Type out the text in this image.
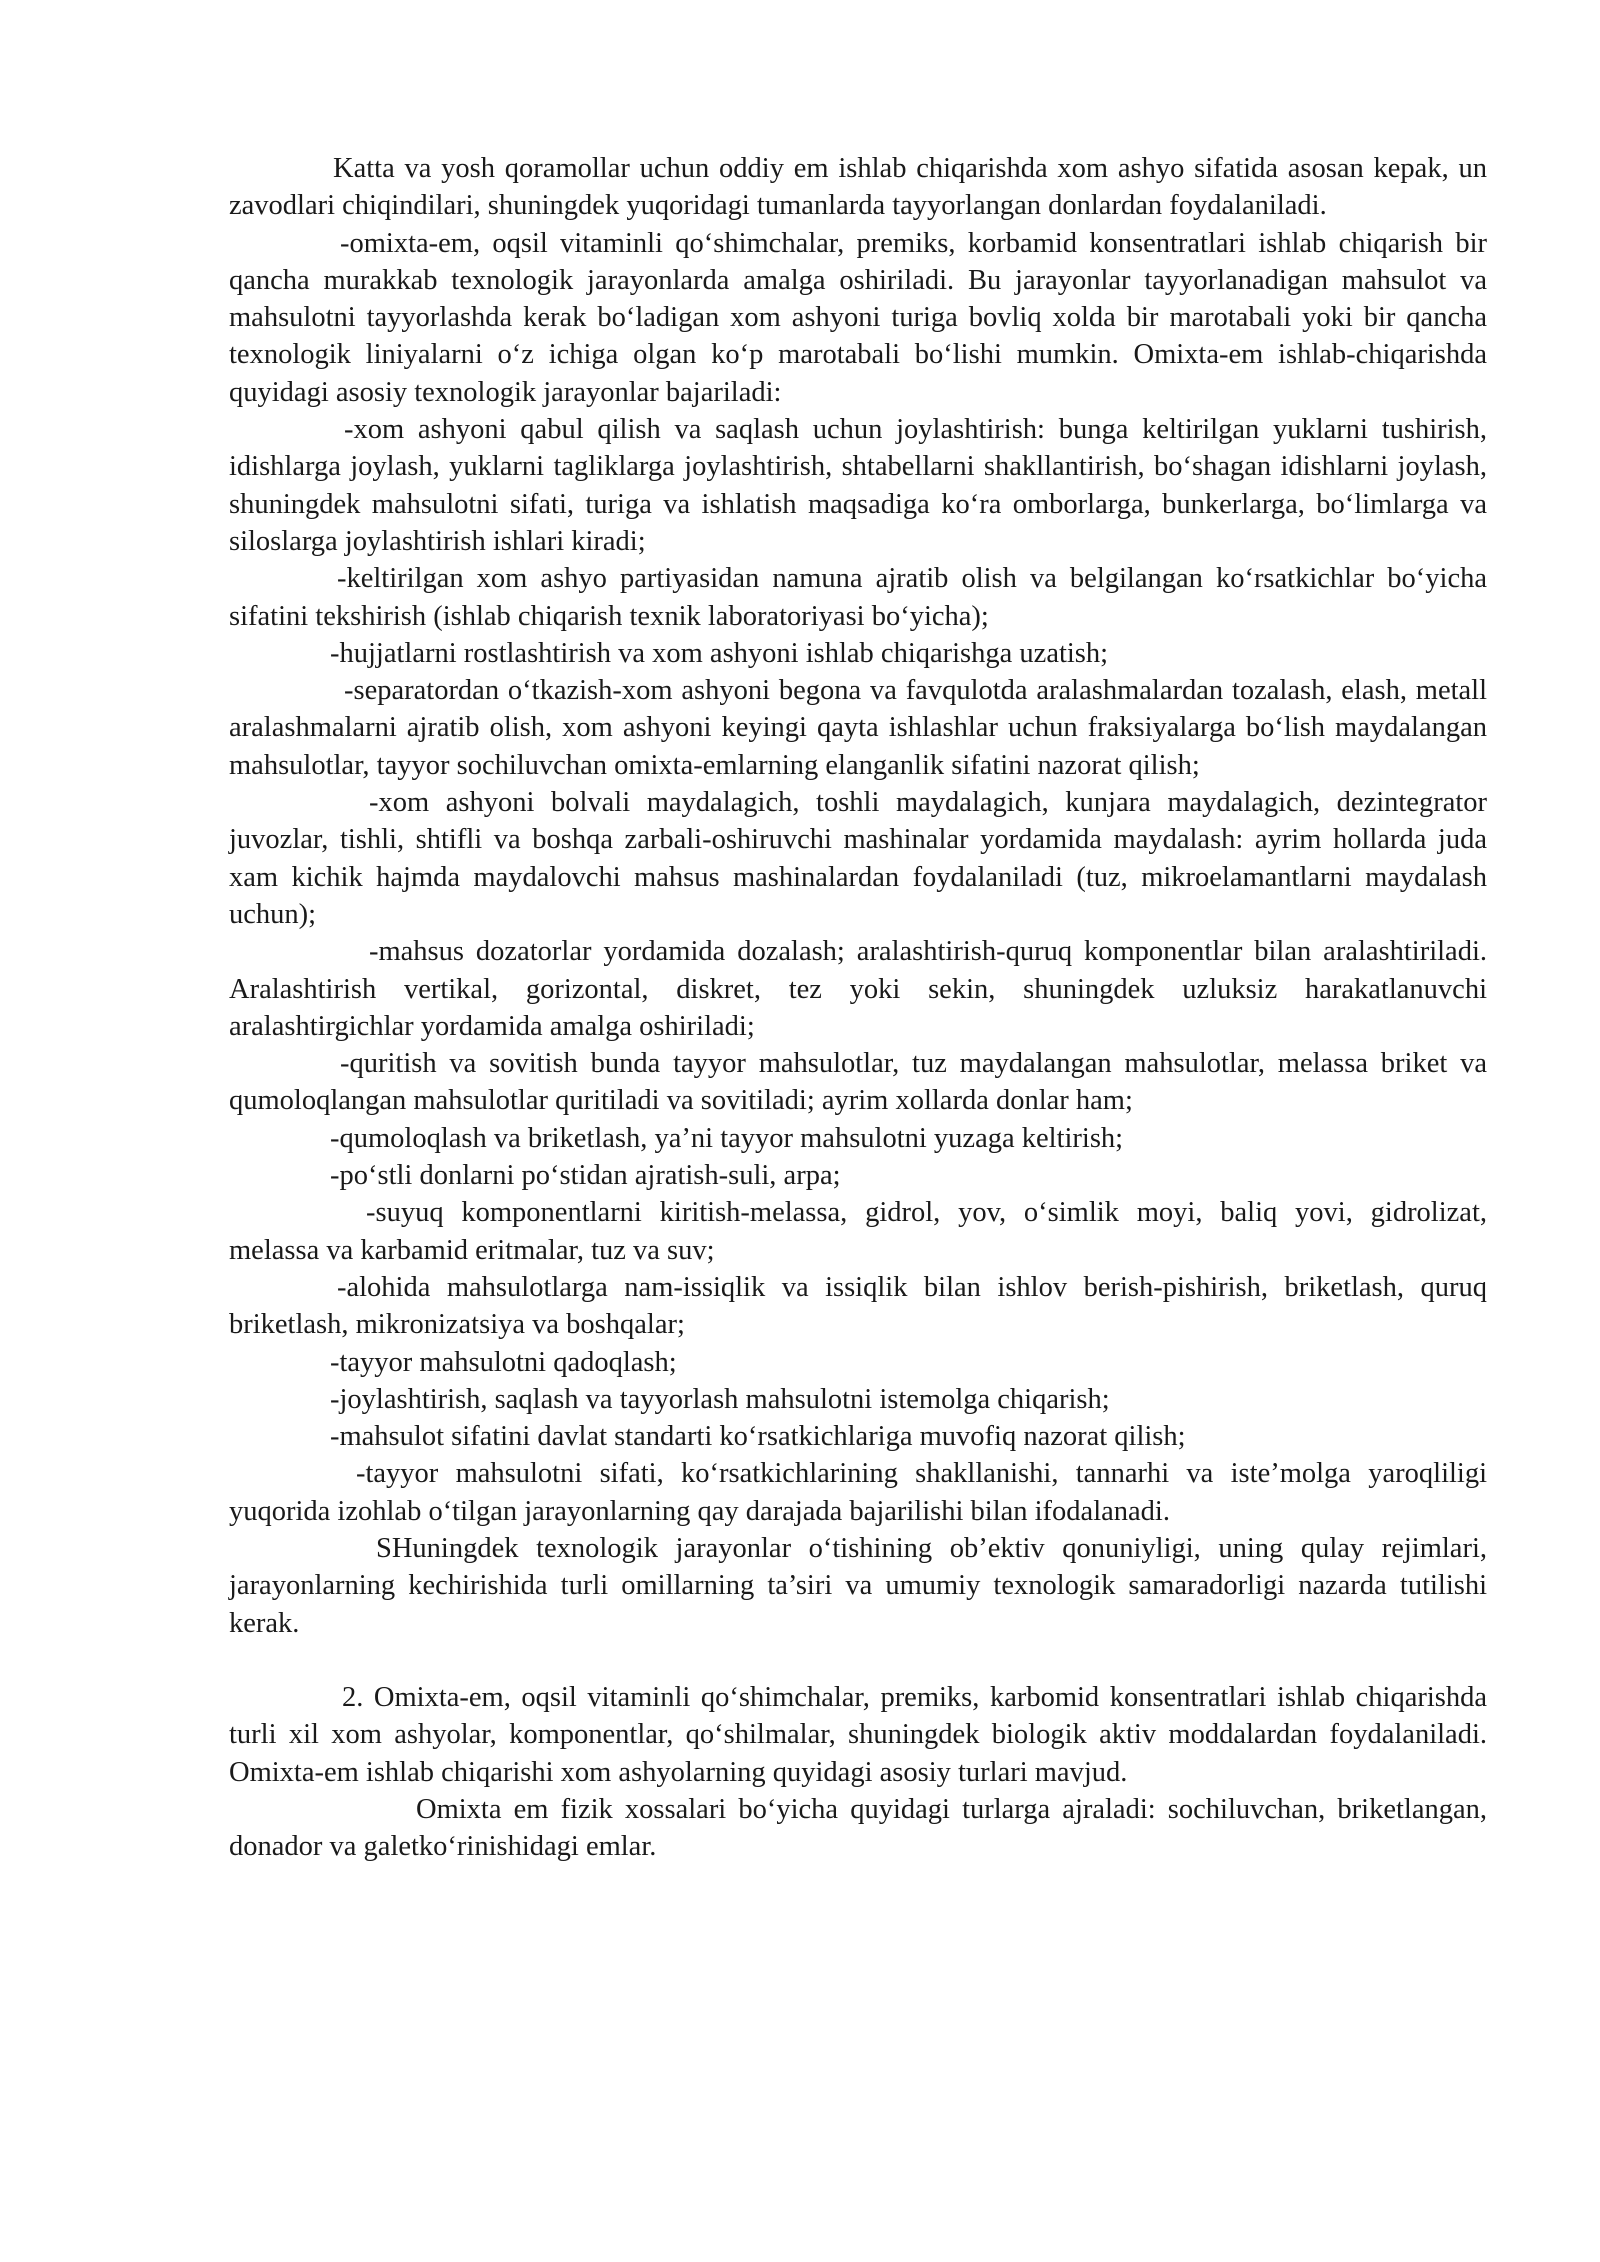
Katta va yosh qoramollar uchun oddiy em ishlab chiqarishda xom ashyo sifatida asosan kepak, un zavodlari chiqindilari, shuningdek yuqoridagi tumanlarda tayyorlangan donlardan foydalaniladi.

-omixta-em, oqsil vitaminli qo‘shimchalar, premiks, korbamid konsentratlari ishlab chiqarish bir qancha murakkab texnologik jarayonlarda amalga oshiriladi. Bu jarayonlar tayyorlanadigan mahsulot va mahsulotni tayyorlashda kerak bo‘ladigan xom ashyoni turiga bovliq xolda bir marotabali yoki bir qancha texnologik liniyalarni o‘z ichiga olgan ko‘p marotabali bo‘lishi mumkin. Omixta-em ishlab-chiqarishda quyidagi asosiy texnologik jarayonlar bajariladi:

-xom ashyoni qabul qilish va saqlash uchun joylashtirish: bunga keltirilgan yuklarni tushirish, idishlarga joylash, yuklarni tagliklarga joylashtirish, shtabellarni shakllantirish, bo‘shagan idishlarni joylash, shuningdek mahsulotni sifati, turiga va ishlatish maqsadiga ko‘ra omborlarga, bunkerlarga, bo‘limlarga va siloslarga joylashtirish ishlari kiradi;

-keltirilgan xom ashyo partiyasidan namuna ajratib olish va belgilangan ko‘rsatkichlar bo‘yicha sifatini tekshirish (ishlab chiqarish texnik laboratoriyasi bo‘yicha);

-hujjatlarni rostlashtirish va xom ashyoni ishlab chiqarishga uzatish;

-separatordan o‘tkazish-xom ashyoni begona va favqulotda aralashmalardan tozalash, elash, metall aralashmalarni ajratib olish, xom ashyoni keyingi qayta ishlashlar uchun fraksiyalarga bo‘lish maydalangan mahsulotlar, tayyor sochiluvchan omixta-emlarning elanganlik sifatini nazorat qilish;

-xom ashyoni bolvali maydalagich, toshli maydalagich, kunjara maydalagich, dezintegrator juvozlar, tishli, shtifli va boshqa zarbali-oshiruvchi mashinalar yordamida maydalash: ayrim hollarda juda xam kichik hajmda maydalovchi mahsus mashinalardan foydalaniladi (tuz, mikroelamantlarni maydalash uchun);

-mahsus dozatorlar yordamida dozalash; aralashtirish-quruq komponentlar bilan aralashtiriladi. Aralashtirish vertikal, gorizontal, diskret, tez yoki sekin, shuningdek uzluksiz harakatlanuvchi aralashtirgichlar yordamida amalga oshiriladi;

-quritish va sovitish bunda tayyor mahsulotlar, tuz maydalangan mahsulotlar, melassa briket va qumoloqlangan mahsulotlar quritiladi va sovitiladi; ayrim xollarda donlar ham;

-qumoloqlash va briketlash, ya’ni tayyor mahsulotni yuzaga keltirish;

-po‘stli donlarni po‘stidan ajratish-suli, arpa;

-suyuq komponentlarni kiritish-melassa, gidrol, yov, o‘simlik moyi, baliq yovi, gidrolizat, melassa va karbamid eritmalar, tuz va suv;

-alohida mahsulotlarga nam-issiqlik va issiqlik bilan ishlov berish-pishirish, briketlash, quruq briketlash, mikronizatsiya va boshqalar;

-tayyor mahsulotni qadoqlash;

-joylashtirish, saqlash va tayyorlash mahsulotni istemolga chiqarish;

-mahsulot sifatini davlat standarti ko‘rsatkichlariga muvofiq nazorat qilish;

-tayyor mahsulotni sifati, ko‘rsatkichlarining shakllanishi, tannarhi va iste’molga yaroqliligi yuqorida izohlab o‘tilgan jarayonlarning qay darajada bajarilishi bilan ifodalanadi.

SHuningdek texnologik jarayonlar o‘tishining ob’ektiv qonuniyligi, uning qulay rejimlari, jarayonlarning kechirishida turli omillarning ta’siri va umumiy texnologik samaradorligi nazarda tutilishi kerak.

2. Omixta-em, oqsil vitaminli qo‘shimchalar, premiks, karbomid konsentratlari ishlab chiqarishda turli xil xom ashyolar, komponentlar, qo‘shilmalar, shuningdek biologik aktiv moddalardan foydalaniladi. Omixta-em ishlab chiqarishi xom ashyolarning quyidagi asosiy turlari mavjud.

Omixta em fizik xossalari bo‘yicha quyidagi turlarga ajraladi: sochiluvchan, briketlangan, donador va galetko‘rinishidagi emlar.
